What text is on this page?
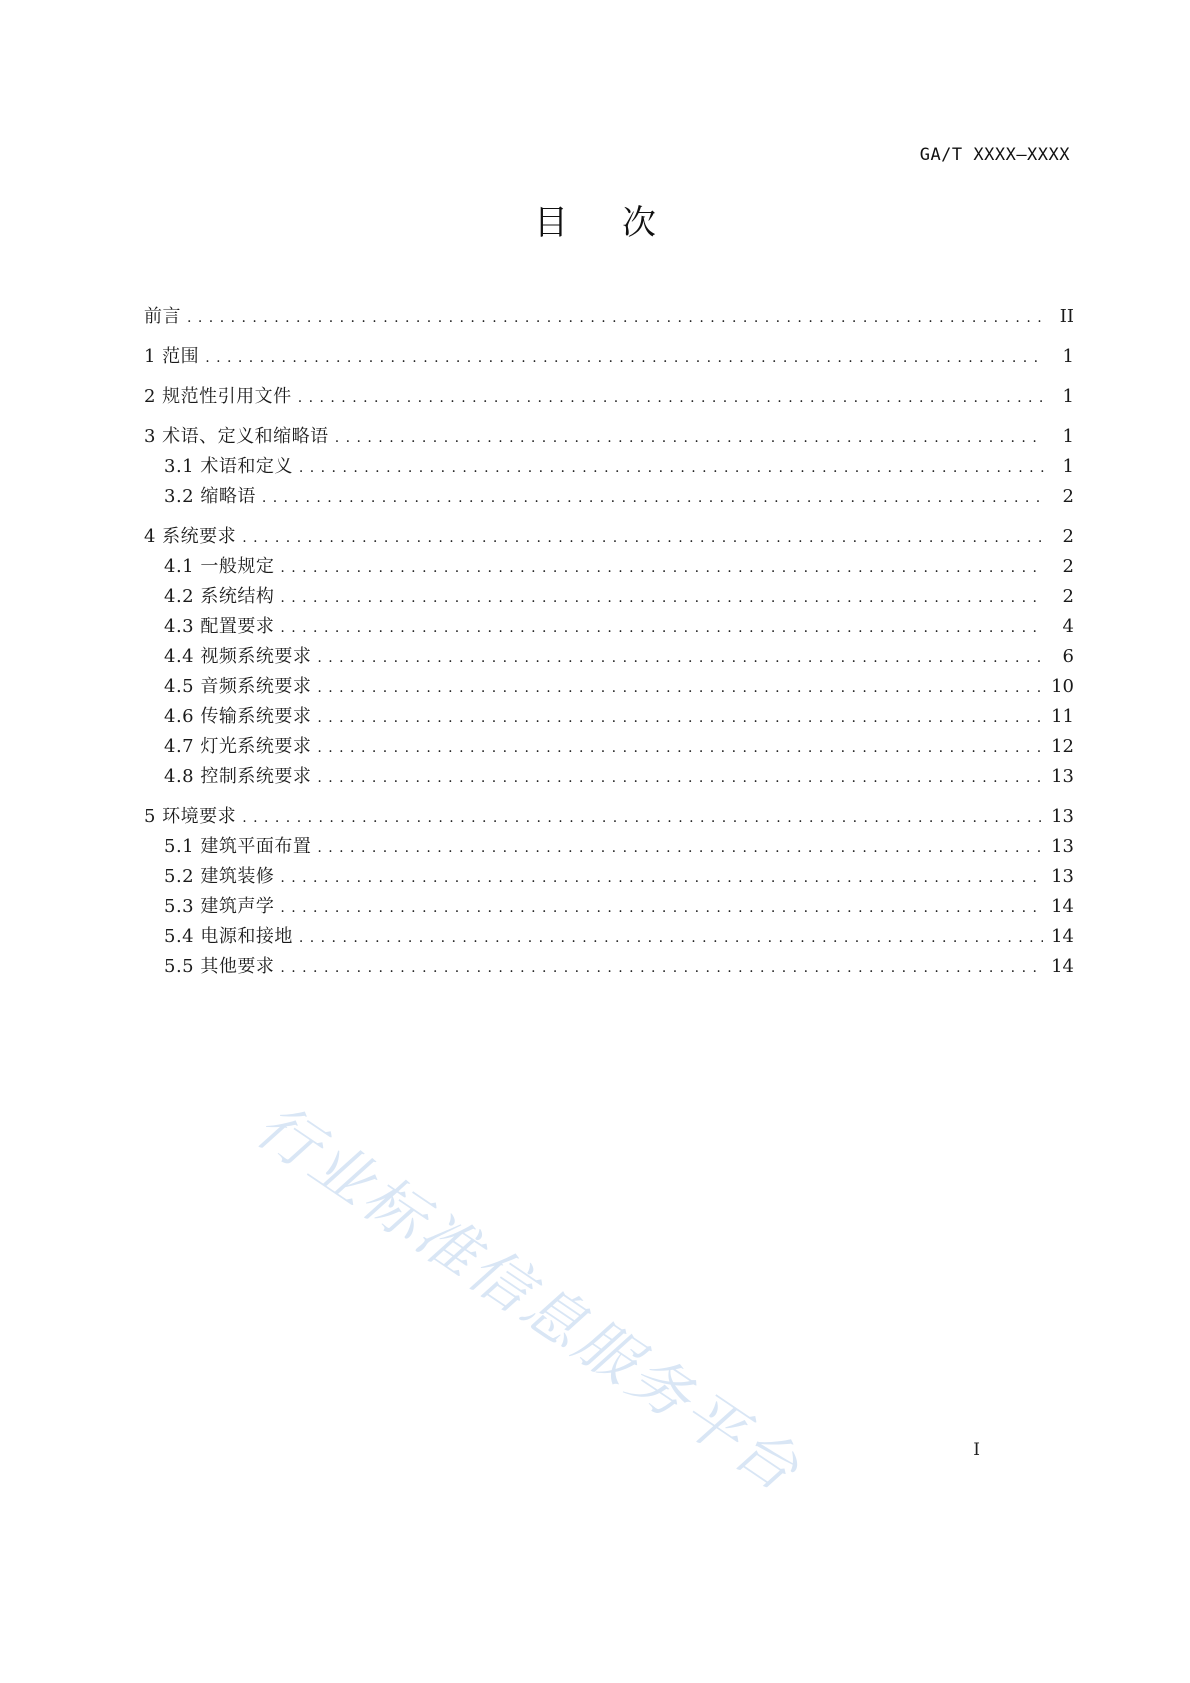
GA/T XXXX—XXXX
目次
前言 . . .	II
1 范围 . . .	1
2 规范性引用文件 . . .	1
3 术语、定义和缩略语 . . .	1
3.1 术语和定义 . . .	1
3.2 缩略语 . . .	2
4 系统要求 . . .	2
4.1 一般规定 . . .	2
4.2 系统结构 . . .	2
4.3 配置要求 . . .	4
4.4 视频系统要求 . . .	6
4.5 音频系统要求 . . .	10
4.6 传输系统要求 . . .	11
4.7 灯光系统要求 . . .	12
4.8 控制系统要求 . . .	13
5 环境要求 . . .	13
5.1 建筑平面布置 . . .	13
5.2 建筑装修 . . .	13
5.3 建筑声学 . . .	14
5.4 电源和接地 . . .	14
5.5 其他要求 . . .	14
行业标准信息服务平台	I
